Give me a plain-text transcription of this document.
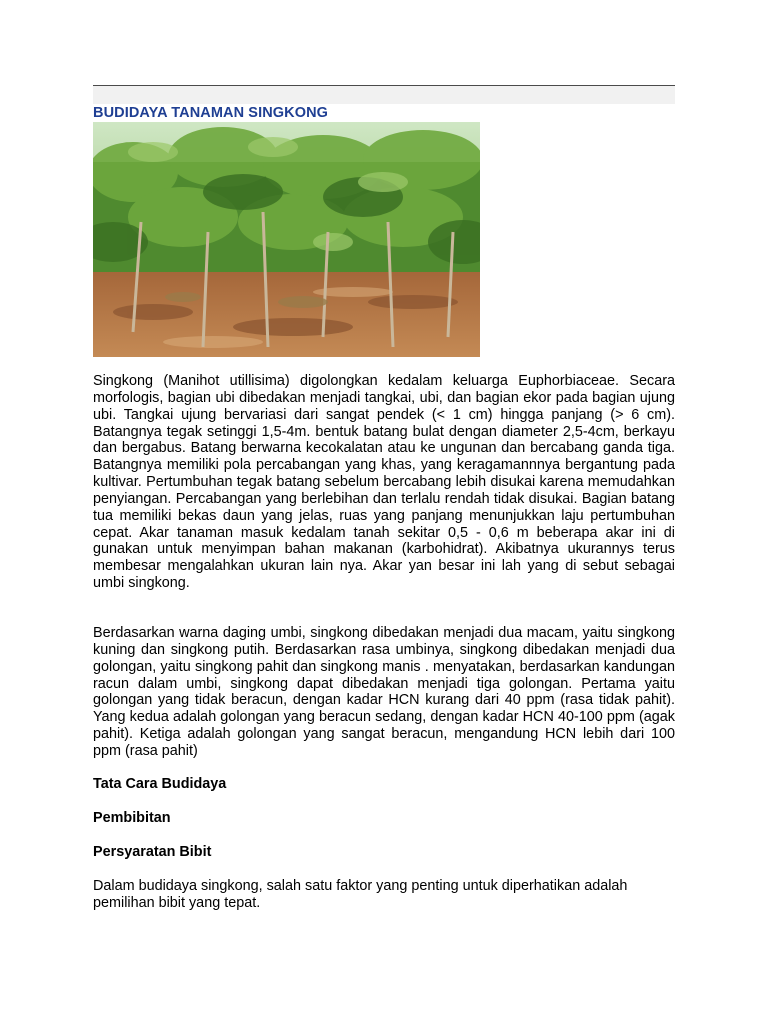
BUDIDAYA TANAMAN SINGKONG

Singkong (Manihot utillisima) digolongkan kedalam keluarga Euphorbiaceae. Secara morfologis, bagian ubi dibedakan menjadi tangkai, ubi, dan bagian ekor pada bagian ujung ubi. Tangkai ujung bervariasi dari sangat pendek (< 1 cm) hingga panjang (> 6 cm). Batangnya tegak setinggi 1,5-4m. bentuk batang bulat dengan diameter 2,5-4cm, berkayu dan bergabus. Batang berwarna kecokalatan atau ke ungunan dan bercabang ganda tiga. Batangnya memiliki pola percabangan yang khas, yang keragamannnya bergantung pada kultivar. Pertumbuhan tegak batang sebelum bercabang lebih disukai karena memudahkan penyiangan. Percabangan yang berlebihan dan terlalu rendah tidak disukai. Bagian batang tua memiliki bekas daun yang jelas, ruas yang panjang menunjukkan laju pertumbuhan cepat. Akar tanaman masuk kedalam tanah sekitar 0,5 - 0,6 m beberapa akar ini di gunakan untuk menyimpan bahan makanan (karbohidrat). Akibatnya ukurannys terus membesar mengalahkan ukuran lain nya. Akar yan besar ini lah yang di sebut sebagai umbi singkong.

Berdasarkan warna daging umbi, singkong dibedakan menjadi dua macam, yaitu singkong kuning dan singkong putih. Berdasarkan rasa umbinya, singkong dibedakan menjadi dua golongan, yaitu singkong pahit dan singkong manis . menyatakan, berdasarkan kandungan racun dalam umbi, singkong dapat dibedakan menjadi tiga golongan. Pertama yaitu golongan yang tidak beracun, dengan kadar HCN kurang dari 40 ppm (rasa tidak pahit). Yang kedua adalah golongan yang beracun sedang, dengan kadar HCN 40-100 ppm (agak pahit). Ketiga adalah golongan yang sangat beracun, mengandung HCN lebih dari 100 ppm (rasa pahit)

Tata Cara Budidaya
Pembibitan
Persyaratan Bibit

Dalam budidaya singkong, salah satu faktor yang penting untuk diperhatikan adalah pemilihan bibit yang tepat.
